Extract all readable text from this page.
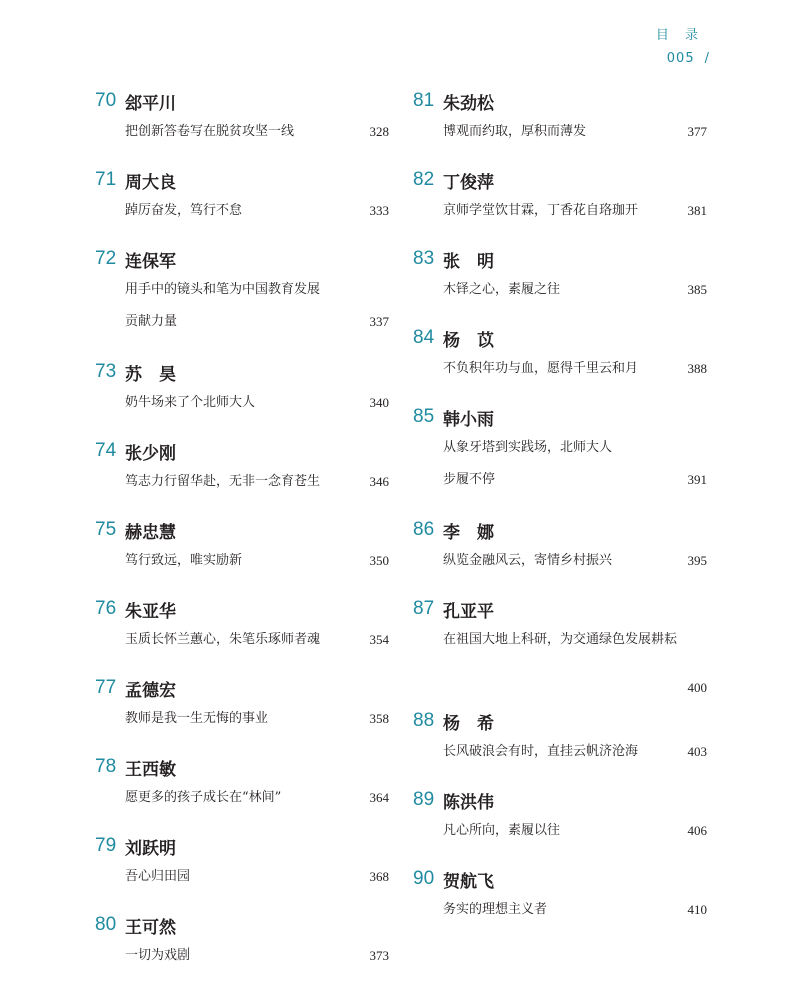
目 录
005 /
70 郐平川
把创新答卷写在脱贫攻坚一线	328
71 周大良
踔厉奋发，笃行不怠	333
72 连保军
用手中的镜头和笔为中国教育发展
贡献力量	337
73 苏　昊
奶牛场来了个北师大人	340
74 张少刚
笃志力行留华赴，无非一念育苍生	346
75 赫忠慧
笃行致远，唯实励新	350
76 朱亚华
玉质长怀兰蕙心，朱笔乐琢师者魂	354
77 孟德宏
教师是我一生无悔的事业	358
78 王西敏
愿更多的孩子成长在“林间”	364
79 刘跃明
吾心归田园	368
80 王可然
一切为戏剧	373
81 朱劲松
博观而约取，厚积而薄发	377
82 丁俊萍
京师学堂饮甘霖，丁香花自珞珈开	381
83 张　明
木铎之心，素履之往	385
84 杨　苡
不负积年功与血，愿得千里云和月	388
85 韩小雨
从象牙塔到实践场，北师大人
步履不停	391
86 李　娜
纵览金融风云，寄情乡村振兴	395
87 孔亚平
在祖国大地上科研，为交通绿色发展耕耘
400
88 杨　希
长风破浪会有时，直挂云帆济沧海	403
89 陈洪伟
凡心所向，素履以往	406
90 贺航飞
务实的理想主义者	410
